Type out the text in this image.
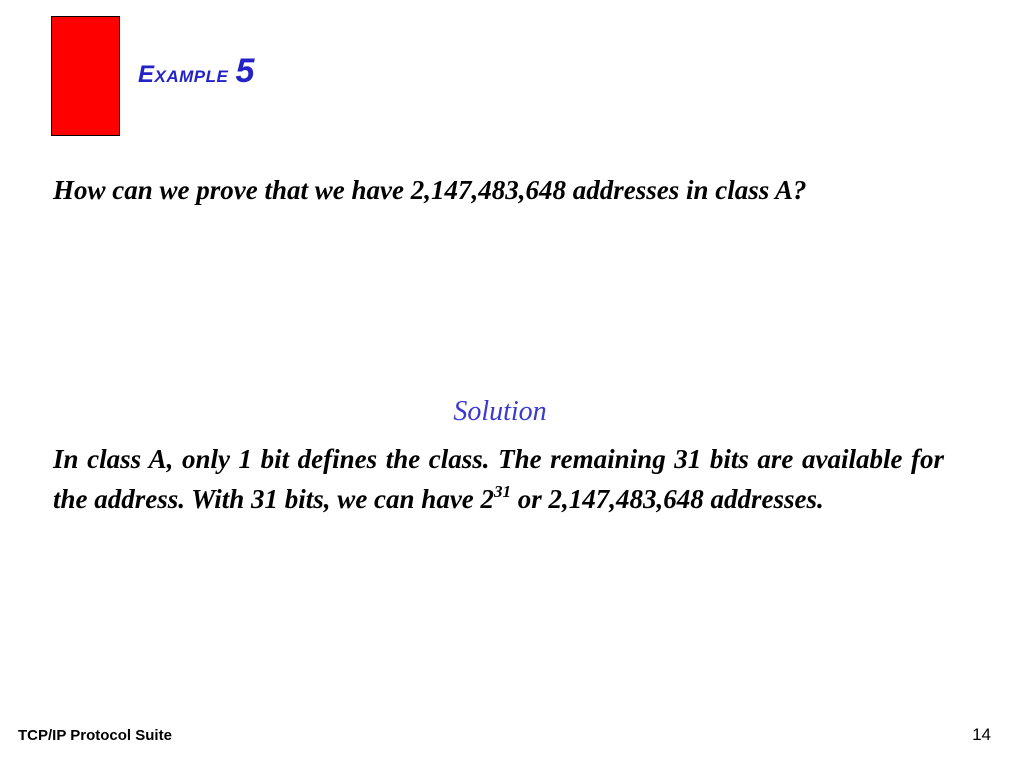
Example 5
How can we prove that we have 2,147,483,648 addresses in class A?
Solution
In class A, only 1 bit defines the class. The remaining 31 bits are available for the address. With 31 bits, we can have $2^{31}$ or 2,147,483,648 addresses.
TCP/IP Protocol Suite	14
